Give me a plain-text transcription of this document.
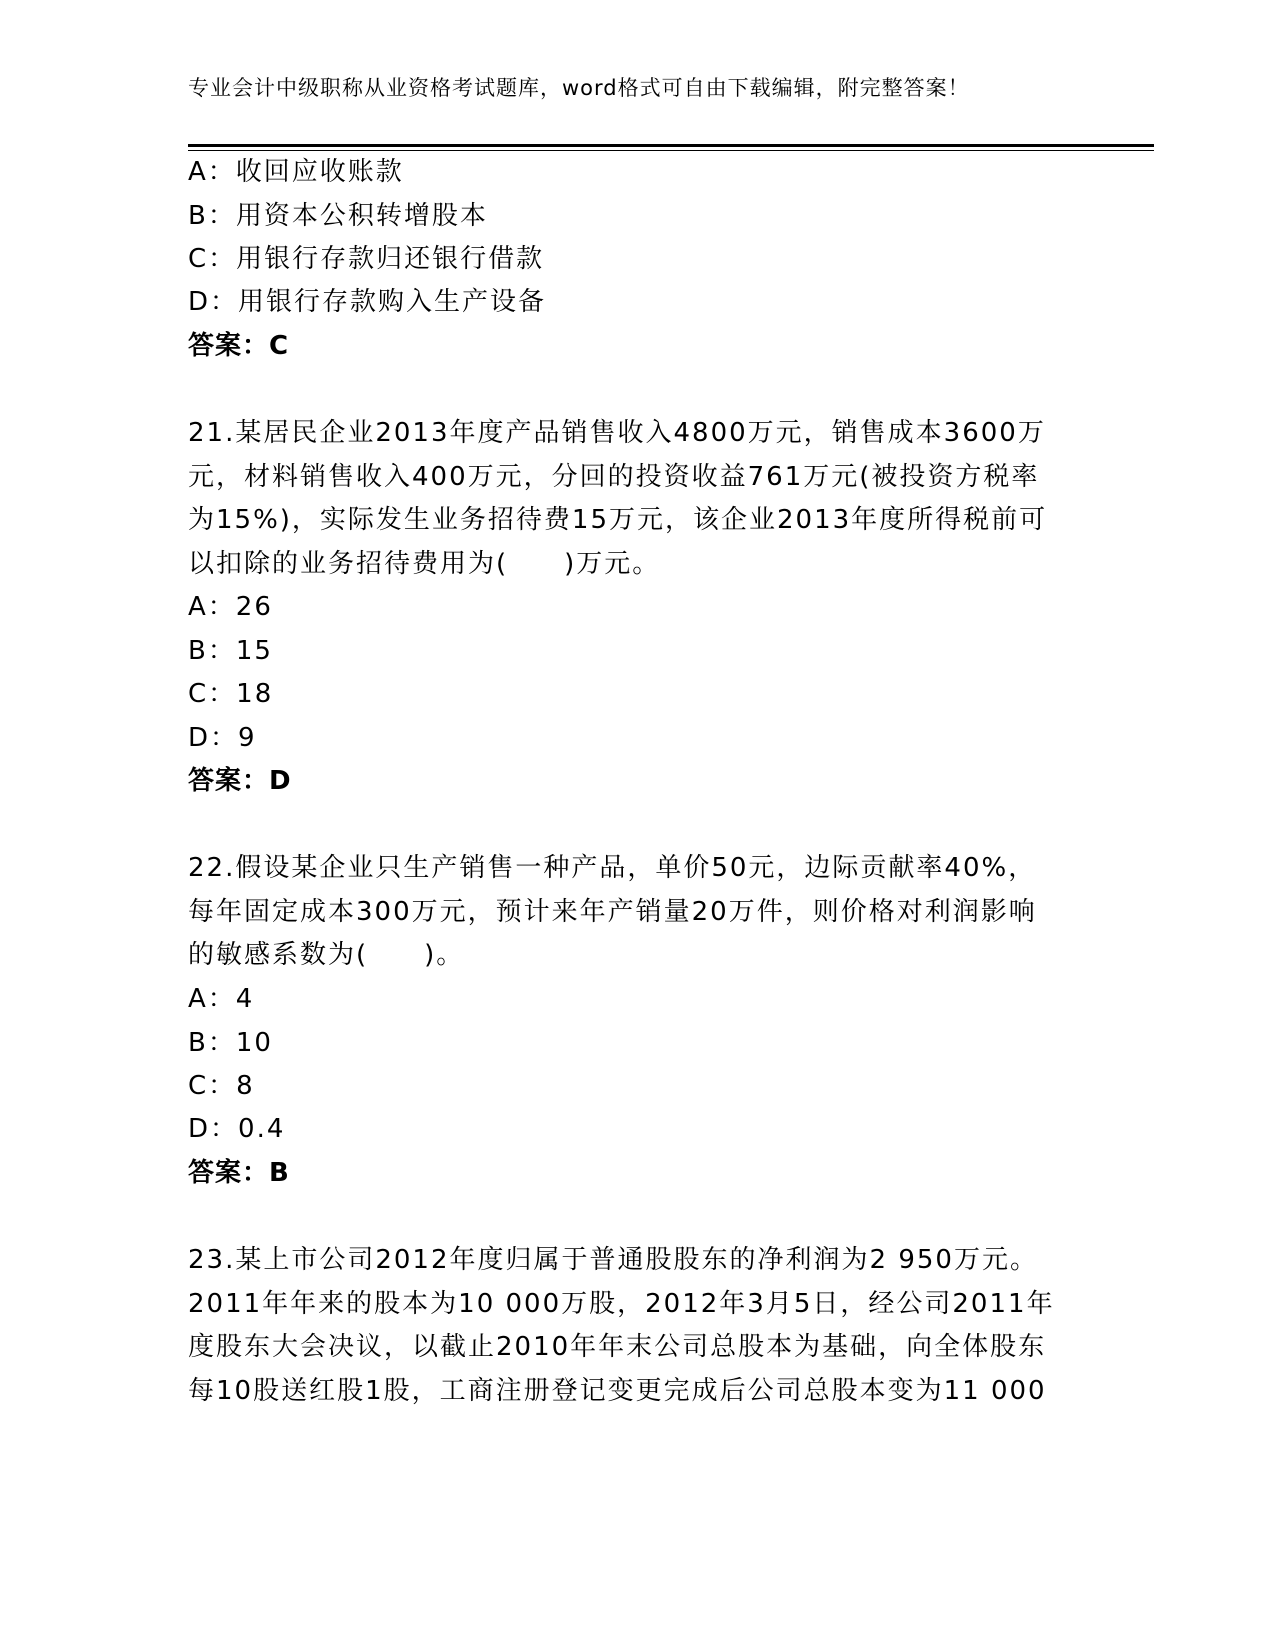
专业会计中级职称从业资格考试题库，word格式可自由下载编辑，附完整答案！
A：收回应收账款
B：用资本公积转增股本
C：用银行存款归还银行借款
D：用银行存款购入生产设备
答案：C
21.某居民企业2013年度产品销售收入4800万元，销售成本3600万
元，材料销售收入400万元，分回的投资收益761万元(被投资方税率
为15%)，实际发生业务招待费15万元，该企业2013年度所得税前可
以扣除的业务招待费用为(　　)万元。
A：26
B：15
C：18
D：9
答案：D
22.假设某企业只生产销售一种产品，单价50元，边际贡献率40%，
每年固定成本300万元，预计来年产销量20万件，则价格对利润影响
的敏感系数为(　　)。
A：4
B：10
C：8
D：0.4
答案：B
23.某上市公司2012年度归属于普通股股东的净利润为2 950万元。
2011年年来的股本为10 000万股，2012年3月5日，经公司2011年
度股东大会决议，以截止2010年年末公司总股本为基础，向全体股东
每10股送红股1股，工商注册登记变更完成后公司总股本变为11 000
